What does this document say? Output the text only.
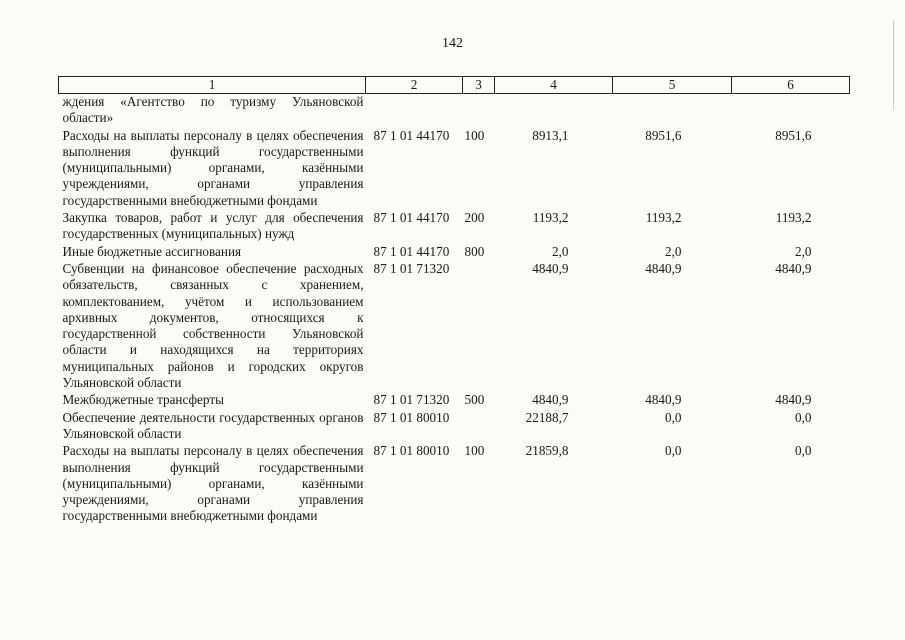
142
1	2	3	4	5	6
ждения «Агентство по туризму Ульяновской области»					
Расходы на выплаты персоналу в целях обеспечения выполнения функций государственными (муниципальными) органами, казёнными учреждениями, органами управления государственными внебюджетными фондами	87 1 01 44170	100	8913,1	8951,6	8951,6
Закупка товаров, работ и услуг для обеспечения государственных (муниципальных) нужд	87 1 01 44170	200	1193,2	1193,2	1193,2
Иные бюджетные ассигнования	87 1 01 44170	800	2,0	2,0	2,0
Субвенции на финансовое обеспечение расходных обязательств, связанных с хранением, комплектованием, учётом и использованием архивных документов, относящихся к государственной собственности Ульяновской области и находящихся на территориях муниципальных районов и городских округов Ульяновской области	87 1 01 71320		4840,9	4840,9	4840,9
Межбюджетные трансферты	87 1 01 71320	500	4840,9	4840,9	4840,9
Обеспечение деятельности государственных органов Ульяновской области	87 1 01 80010		22188,7	0,0	0,0
Расходы на выплаты персоналу в целях обеспечения выполнения функций государственными (муниципальными) органами, казёнными учреждениями, органами управления государственными внебюджетными фондами	87 1 01 80010	100	21859,8	0,0	0,0
